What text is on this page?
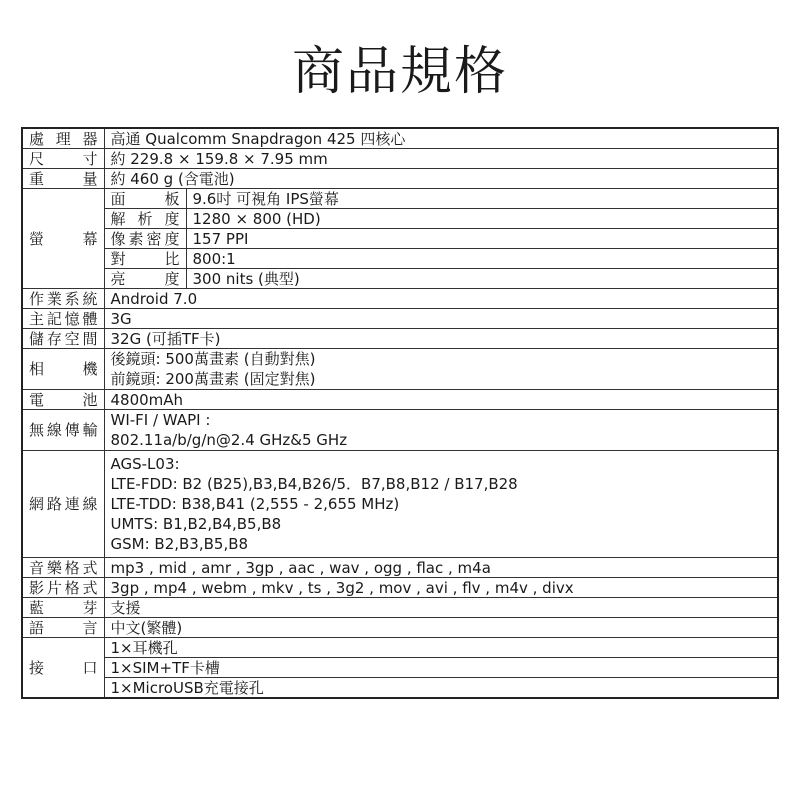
商品規格
處理器	高通 Qualcomm Snapdragon 425 四核心	
尺寸	約 229.8 × 159.8 × 7.95 mm	
重量	約 460 g (含電池)	
螢幕	面板	9.6吋 可視角 IPS螢幕
	解析度	1280 × 800 (HD)
	像素密度	157 PPI
	對比	800:1
	亮度	300 nits (典型)
作業系統	Android 7.0	
主記憶體	3G	
儲存空間	32G (可插TF卡)	
相機	後鏡頭: 500萬畫素 (自動對焦)
前鏡頭: 200萬畫素 (固定對焦)	

電池	4800mAh	
無線傳輸	WI-FI / WAPI :
802.11a/b/g/n@2.4 GHz&5 GHz	

網路連線	AGS-L03:
LTE-FDD: B2 (B25),B3,B4,B26/5．B7,B8,B12 / B17,B28
LTE-TDD: B38,B41 (2,555 - 2,655 MHz)
UMTS: B1,B2,B4,B5,B8
GSM: B2,B3,B5,B8	

音樂格式	mp3 , mid , amr , 3gp , aac , wav , ogg , flac , m4a	
影片格式	3gp , mp4 , webm , mkv , ts , 3g2 , mov , avi , flv , m4v , divx	
藍芽	支援	
語言	中文(繁體)	
接口	1×耳機孔	
	1×SIM+TF卡槽	
	1×MicroUSB充電接孔	
